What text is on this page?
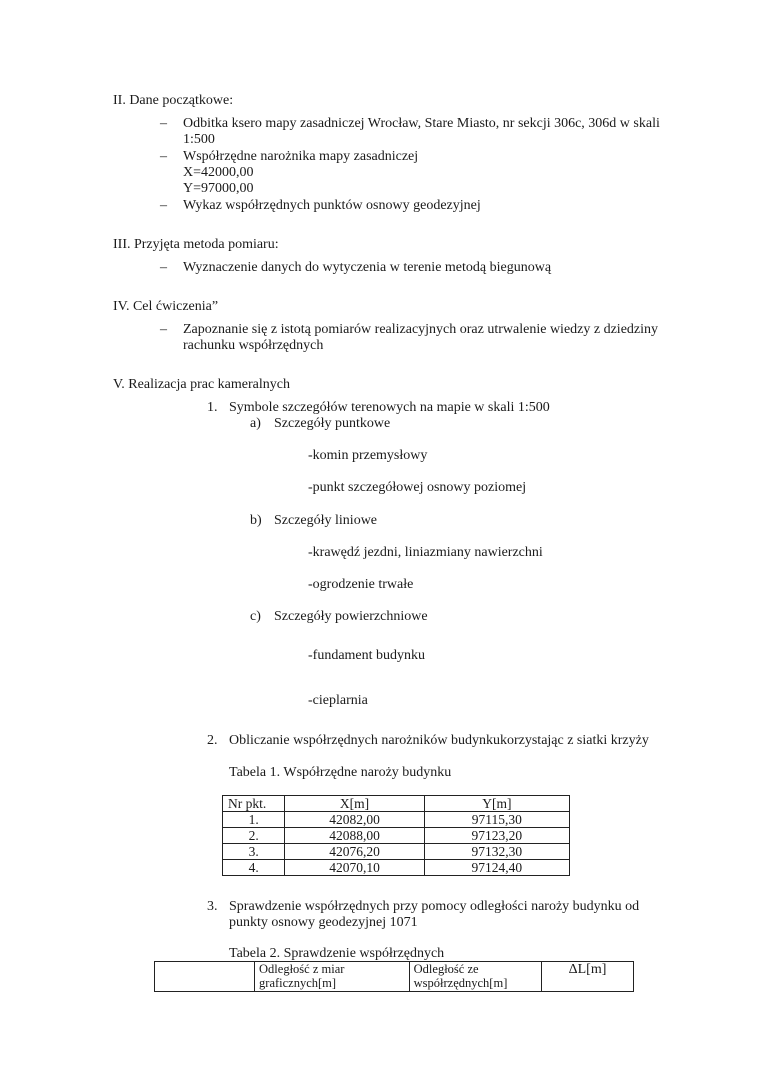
II. Dane początkowe:
– Odbitka ksero mapy zasadniczej Wrocław, Stare Miasto, nr sekcji 306c, 306d w skali
1:500
– Współrzędne narożnika mapy zasadniczej
X=42000,00
Y=97000,00
– Wykaz współrzędnych punktów osnowy geodezyjnej
III. Przyjęta metoda pomiaru:
– Wyznaczenie danych do wytyczenia w terenie metodą biegunową
IV. Cel ćwiczenia”
– Zapoznanie się z istotą pomiarów realizacyjnych oraz utrwalenie wiedzy z dziedziny
rachunku współrzędnych
V. Realizacja prac kameralnych
1. Symbole szczegółów terenowych na mapie w skali 1:500
a) Szczegóły puntkowe
-komin przemysłowy
-punkt szczegółowej osnowy poziomej
b) Szczegóły liniowe
-krawędź jezdni, liniazmiany nawierzchni
-ogrodzenie trwałe
c) Szczegóły powierzchniowe
-fundament budynku
-cieplarnia
2. Obliczanie współrzędnych narożników budynkukorzystając z siatki krzyży
Tabela 1. Współrzędne naroży budynku
Nr pkt.	X[m]	Y[m]
1.	42082,00	97115,30
2.	42088,00	97123,20
3.	42076,20	97132,30
4.	42070,10	97124,40
3. Sprawdzenie współrzędnych przy pomocy odległości naroży budynku od
punkty osnowy geodezyjnej 1071
Tabela 2. Sprawdzenie współrzędnych
	Odległość z miar graficznych[m]	Odległość ze współrzędnych[m]	ΔL[m]
